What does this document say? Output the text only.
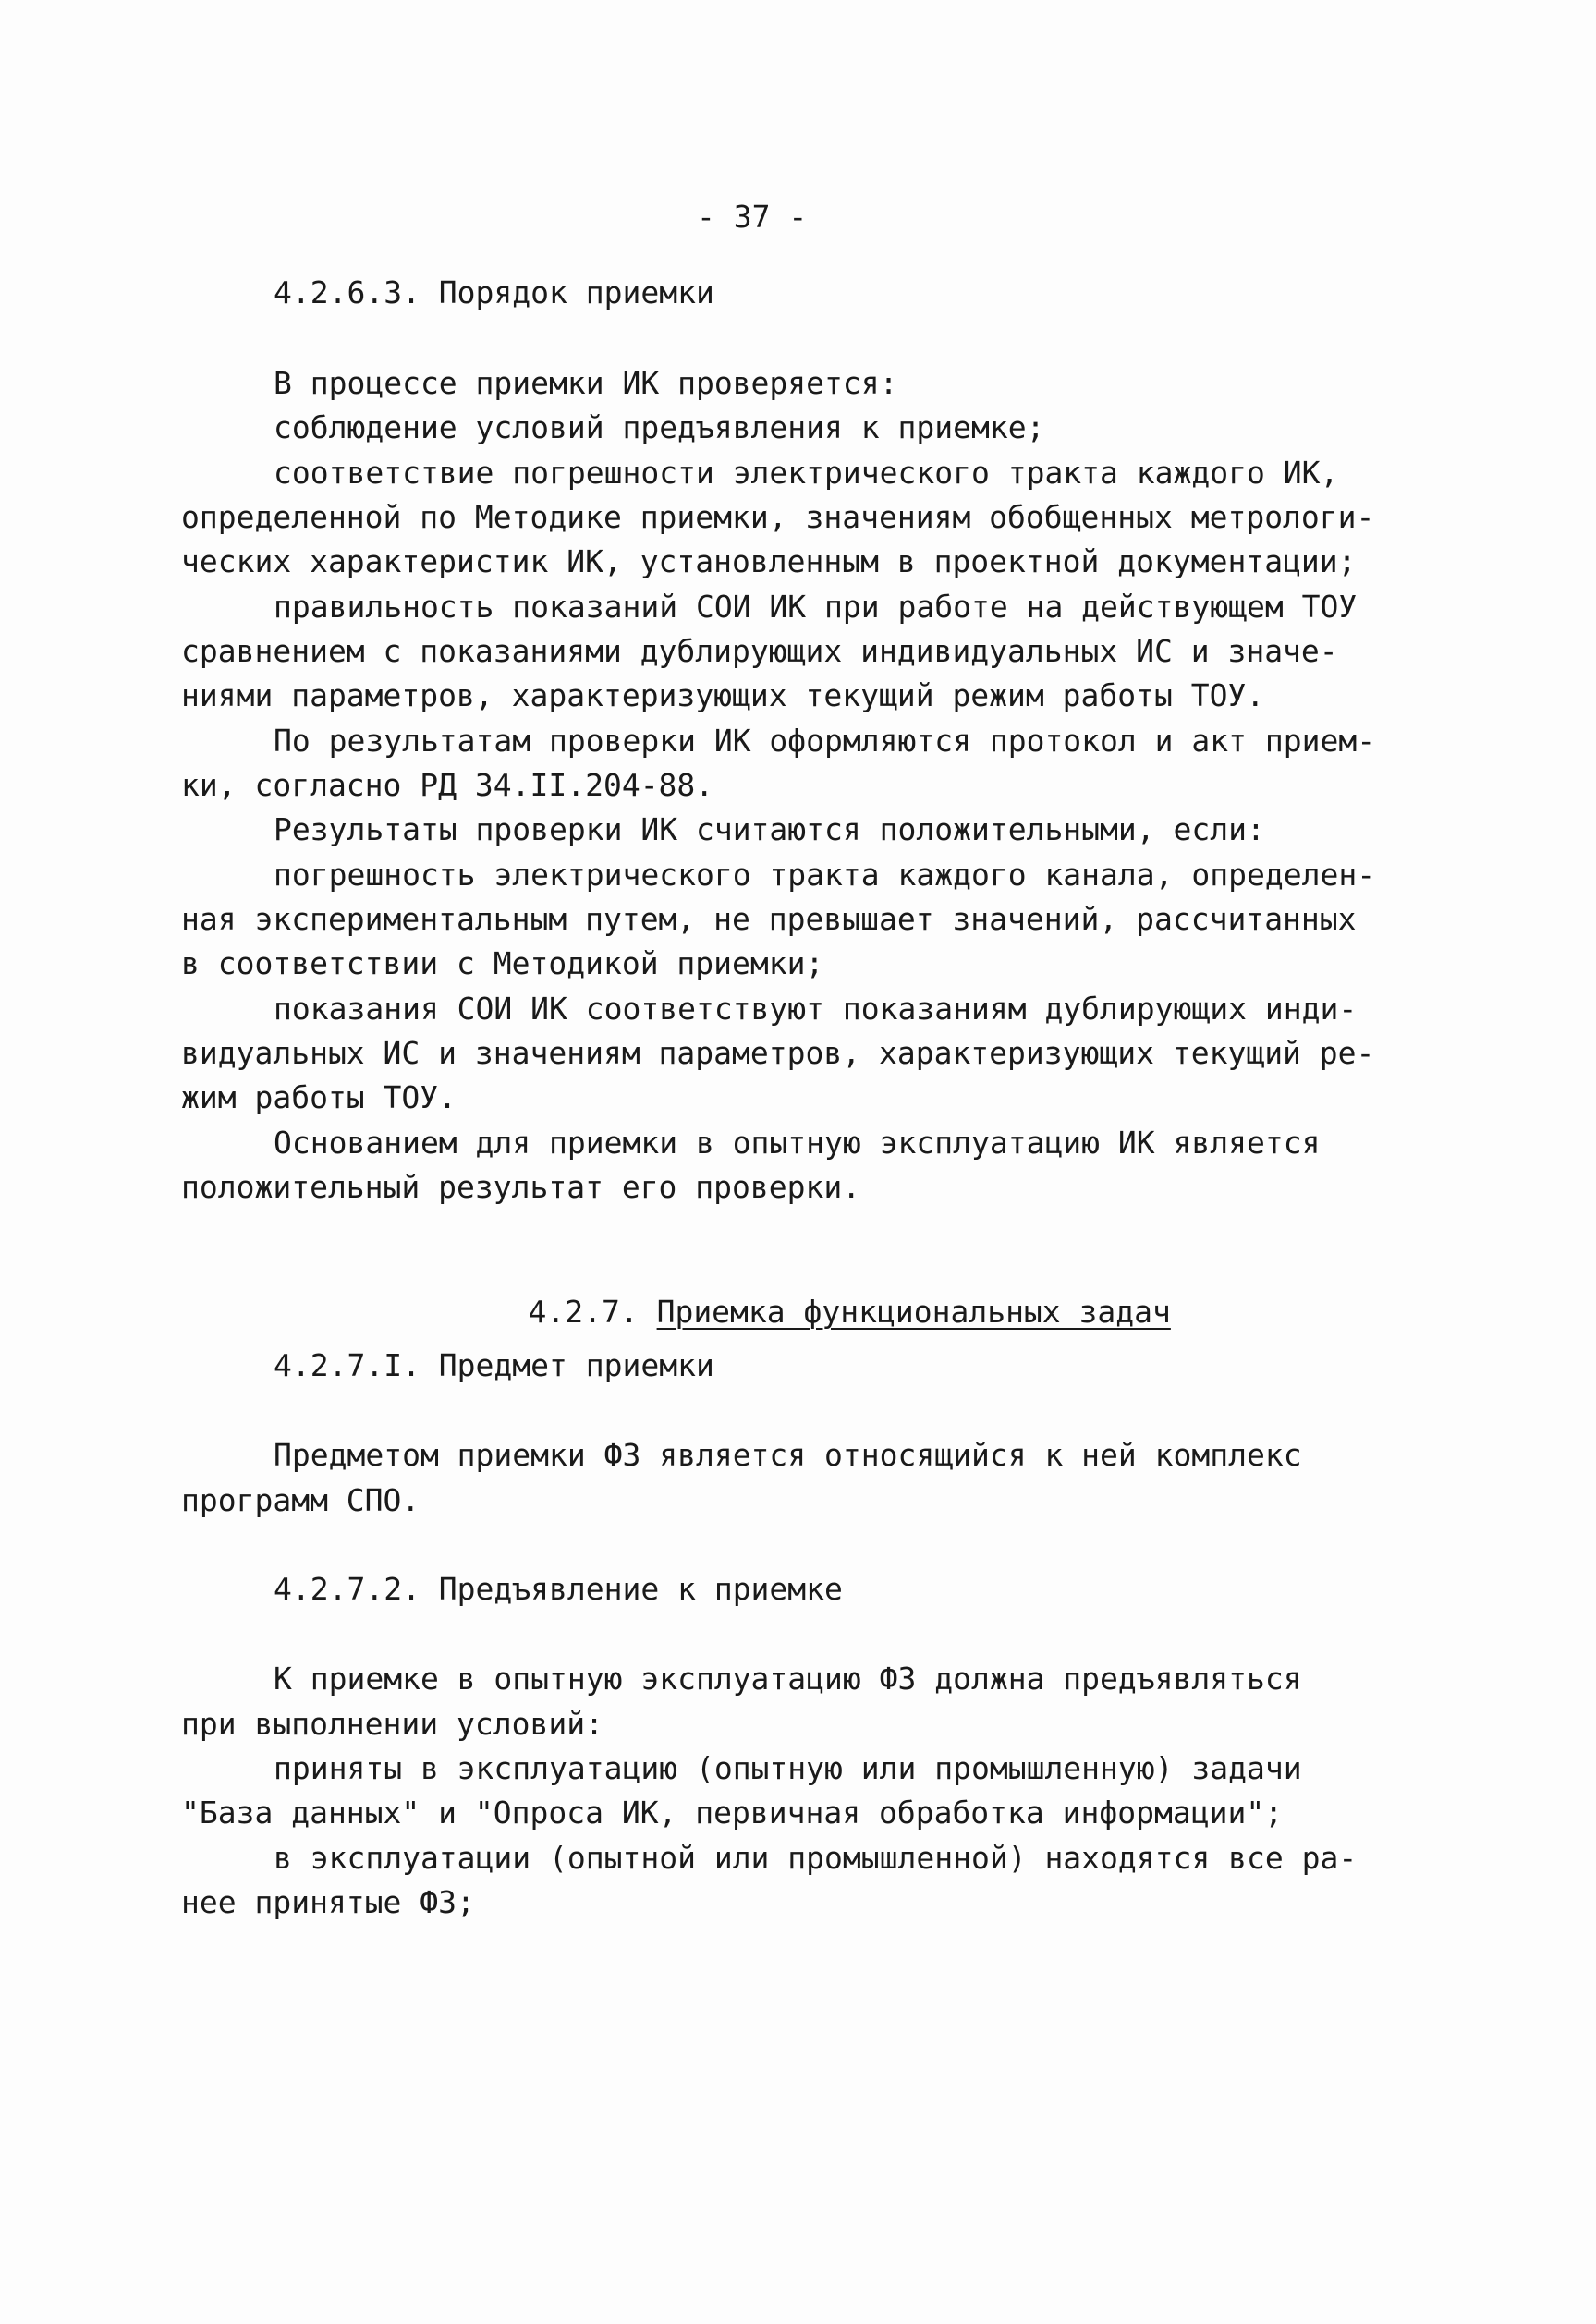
- 37 -
4.2.6.3. Порядок приемки
В процессе приемки ИК проверяется:
соблюдение условий предъявления к приемке;
соответствие погрешности электрического тракта каждого ИК,
определенной по Методике приемки, значениям обобщенных метрологи-
ческих характеристик ИК, установленным в проектной документации;
правильность показаний СОИ ИК при работе на действующем ТОУ
сравнением с показаниями дублирующих индивидуальных ИС и значе-
ниями параметров, характеризующих текущий режим работы ТОУ.
По результатам проверки ИК оформляются протокол и акт прием-
ки, согласно РД 34.II.204-88.
Результаты проверки ИК считаются положительными, если:
погрешность электрического тракта каждого канала, определен-
ная экспериментальным путем, не превышает значений, рассчитанных
в соответствии с Методикой приемки;
показания СОИ ИК соответствуют показаниям дублирующих инди-
видуальных ИС и значениям параметров, характеризующих текущий ре-
жим работы ТОУ.
Основанием для приемки в опытную эксплуатацию ИК является
положительный результат его проверки.

4.2.7. Приемка функциональных задач

4.2.7.I. Предмет приемки
Предметом приемки ФЗ является относящийся к ней комплекс
программ СПО.
4.2.7.2. Предъявление к приемке
К приемке в опытную эксплуатацию ФЗ должна предъявляться
при выполнении условий:
приняты в эксплуатацию (опытную или промышленную) задачи
"База данных" и "Опроса ИК, первичная обработка информации";
в эксплуатации (опытной или промышленной) находятся все ра-
нее принятые ФЗ;
